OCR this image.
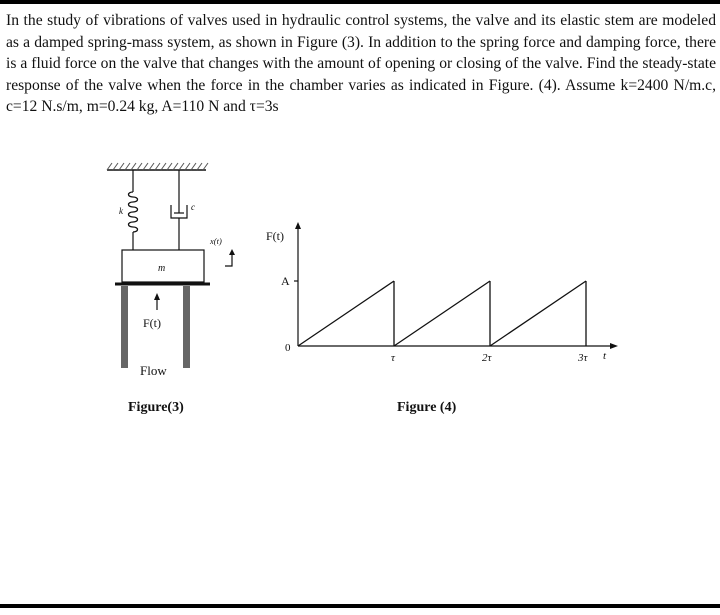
In the study of vibrations of valves used in hydraulic control systems, the valve and its elastic stem are modeled as a damped spring-mass system, as shown in Figure (3). In addition to the spring force and damping force, there is a fluid force on the valve that changes with the amount of opening or closing of the valve. Find the steady-state response of the valve when the force in the chamber varies as indicated in Figure. (4). Assume k=2400 N/m.c, c=12 N.s/m, m=0.24 kg, A=110 N and τ=3s
k	c
m
x(t)
F(t)
Flow
Figure(3)
F(t)
t
A
0
τ	2τ	3τ
Figure (4)
